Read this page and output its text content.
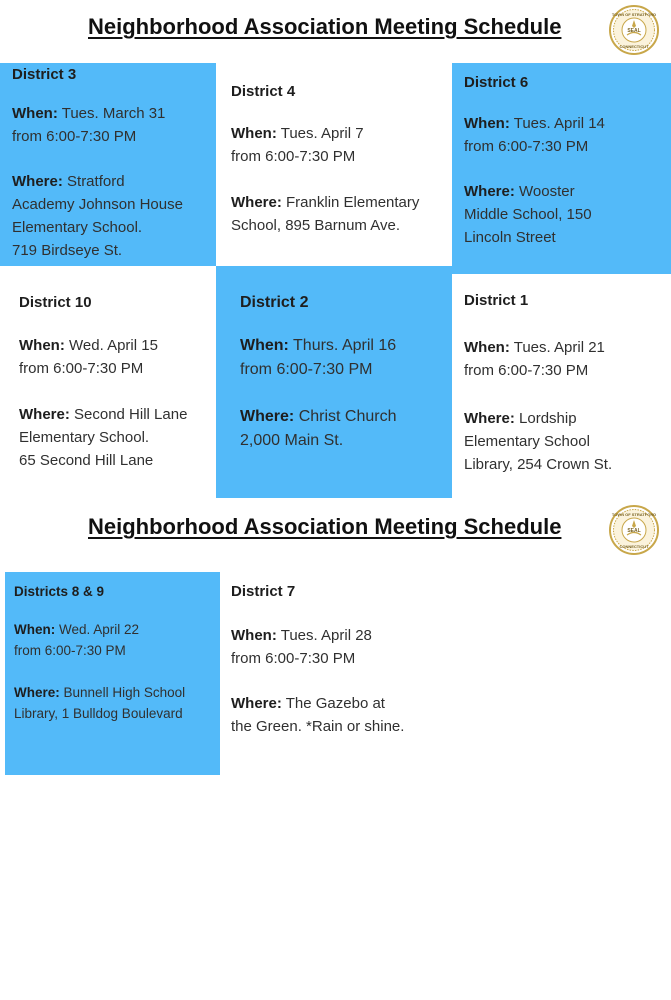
Neighborhood Association Meeting Schedule	TOWN OF STRATFORD
SEAL
CONNECTICUT

District 3

When: Tues. March 31
from 6:00-7:30 PM

Where: Stratford
Academy Johnson House
Elementary School.
719 Birdseye St.

District 4

When: Tues. April 7
from 6:00-7:30 PM

Where: Franklin Elementary
School, 895 Barnum Ave.

District 6

When: Tues. April 14
from 6:00-7:30 PM

Where: Wooster
Middle School, 150
Lincoln Street

District 10

When: Wed. April 15
from 6:00-7:30 PM

Where: Second Hill Lane
Elementary School.
65 Second Hill Lane

District 2

When: Thurs. April 16
from 6:00-7:30 PM

Where: Christ Church
2,000 Main St.

District 1

When: Tues. April 21
from 6:00-7:30 PM

Where: Lordship
Elementary School
Library, 254 Crown St.

Neighborhood Association Meeting Schedule	TOWN OF STRATFORD
SEAL
CONNECTICUT

Districts 8 & 9

When: Wed. April 22
from 6:00-7:30 PM

Where: Bunnell High School
Library, 1 Bulldog Boulevard

District 7

When: Tues. April 28
from 6:00-7:30 PM

Where: The Gazebo at
the Green. *Rain or shine.
